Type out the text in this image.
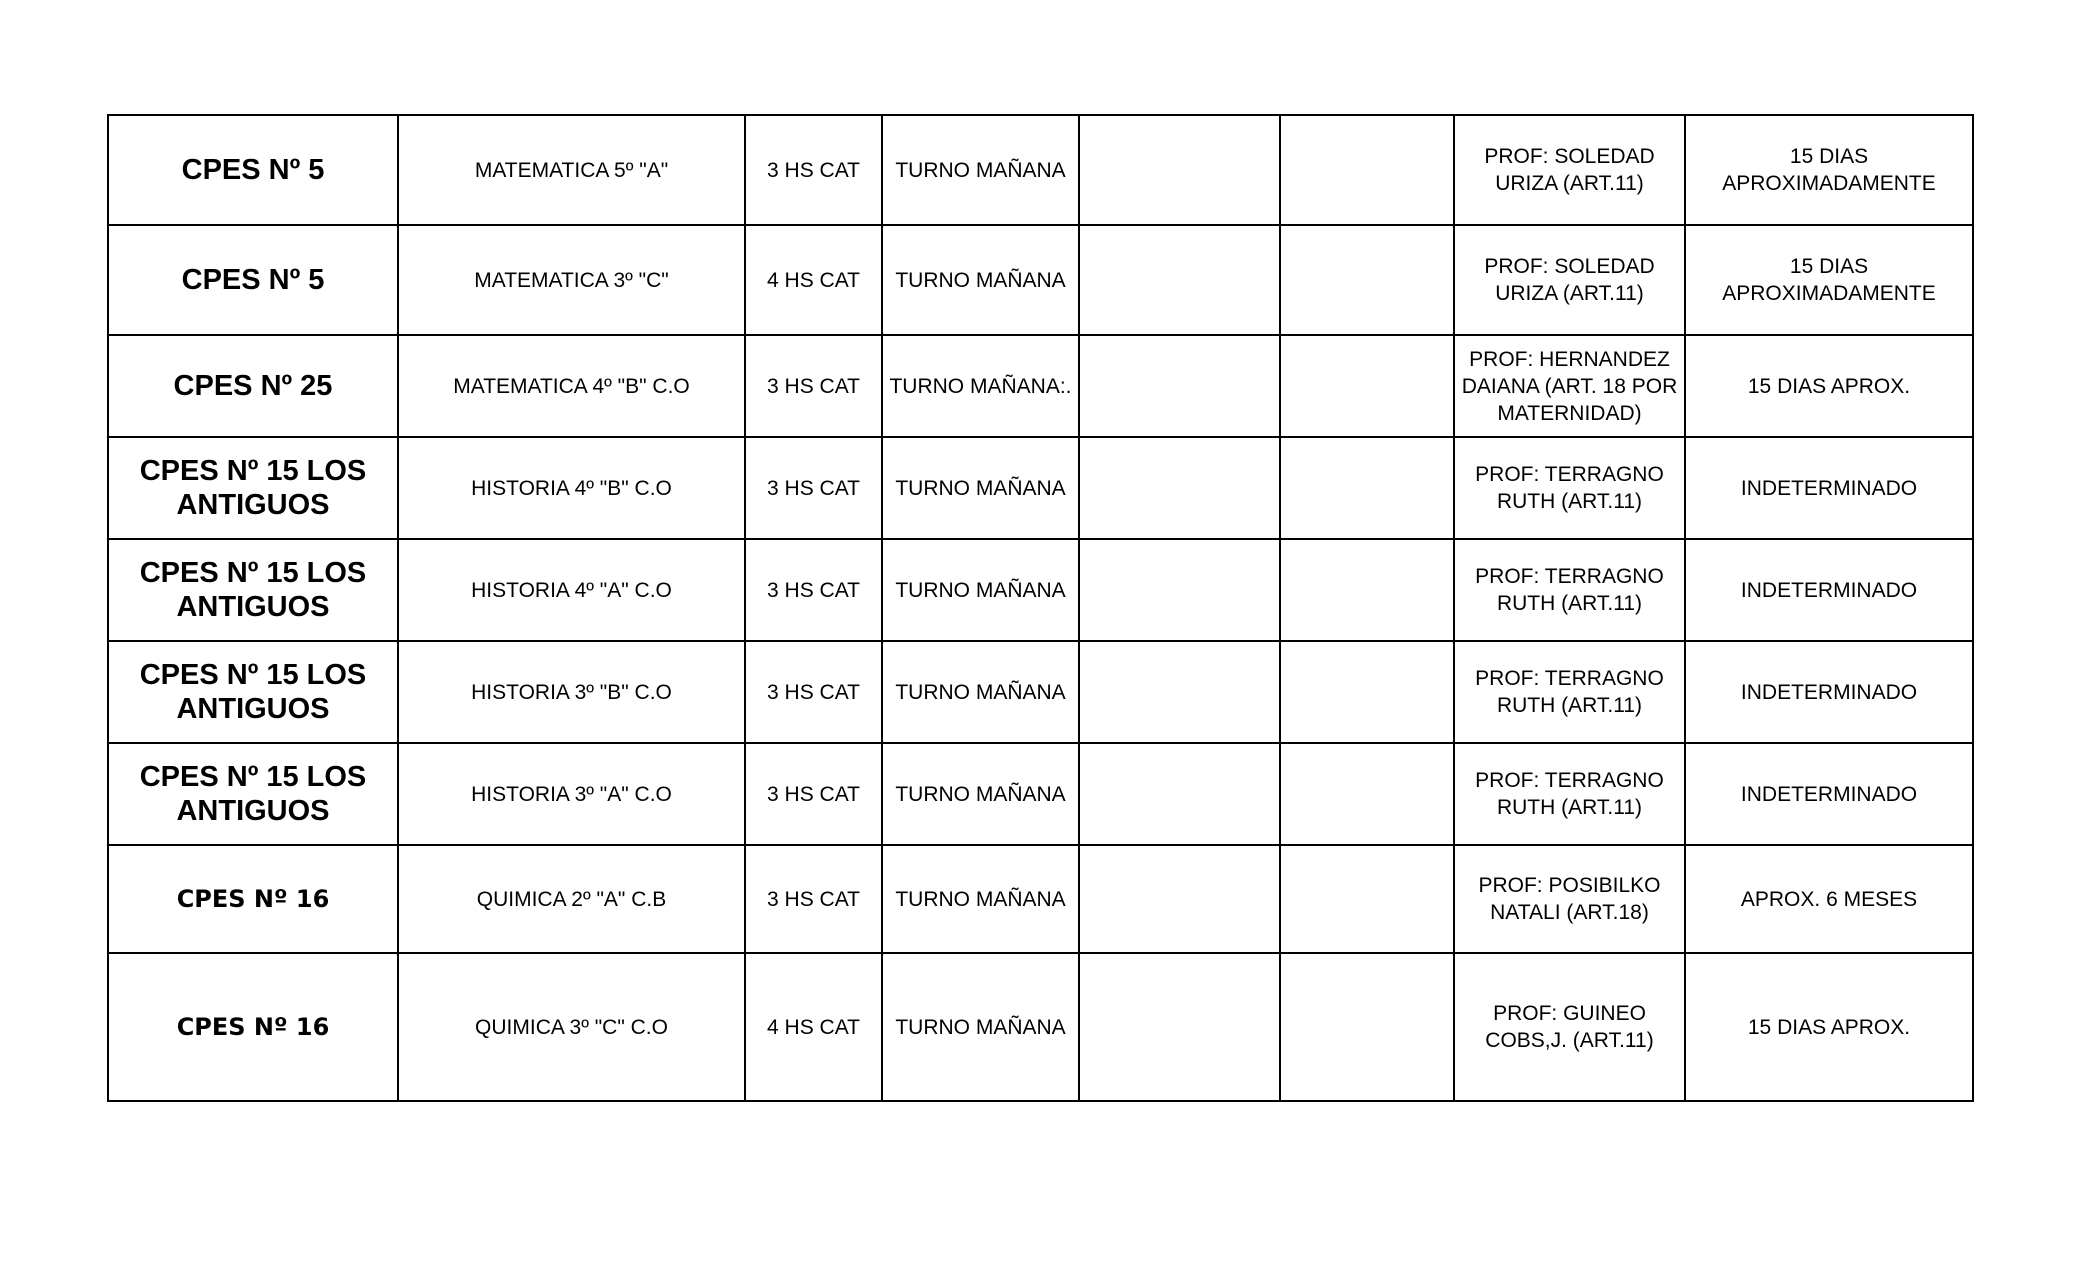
CPES Nº 5	MATEMATICA 5º "A"	3 HS CAT	TURNO MAÑANA			PROF: SOLEDAD URIZA (ART.11)	15 DIAS APROXIMADAMENTE
CPES Nº 5	MATEMATICA 3º "C"	4 HS CAT	TURNO MAÑANA			PROF: SOLEDAD URIZA (ART.11)	15 DIAS APROXIMADAMENTE
CPES Nº 25	MATEMATICA 4º "B" C.O	3 HS CAT	TURNO MAÑANA:.			PROF: HERNANDEZ DAIANA (ART. 18 POR MATERNIDAD)	15 DIAS APROX.
CPES Nº 15 LOS ANTIGUOS	HISTORIA 4º "B" C.O	3 HS CAT	TURNO MAÑANA			PROF: TERRAGNO RUTH (ART.11)	INDETERMINADO
CPES Nº 15 LOS ANTIGUOS	HISTORIA 4º "A" C.O	3 HS CAT	TURNO MAÑANA			PROF: TERRAGNO RUTH (ART.11)	INDETERMINADO
CPES Nº 15 LOS ANTIGUOS	HISTORIA 3º "B" C.O	3 HS CAT	TURNO MAÑANA			PROF: TERRAGNO RUTH (ART.11)	INDETERMINADO
CPES Nº 15 LOS ANTIGUOS	HISTORIA 3º "A" C.O	3 HS CAT	TURNO MAÑANA			PROF: TERRAGNO RUTH (ART.11)	INDETERMINADO
CPES Nº 16	QUIMICA 2º "A" C.B	3 HS CAT	TURNO MAÑANA			PROF: POSIBILKO NATALI (ART.18)	APROX. 6 MESES
CPES Nº 16	QUIMICA 3º "C" C.O	4 HS CAT	TURNO MAÑANA			PROF: GUINEO COBS,J. (ART.11)	15 DIAS APROX.
